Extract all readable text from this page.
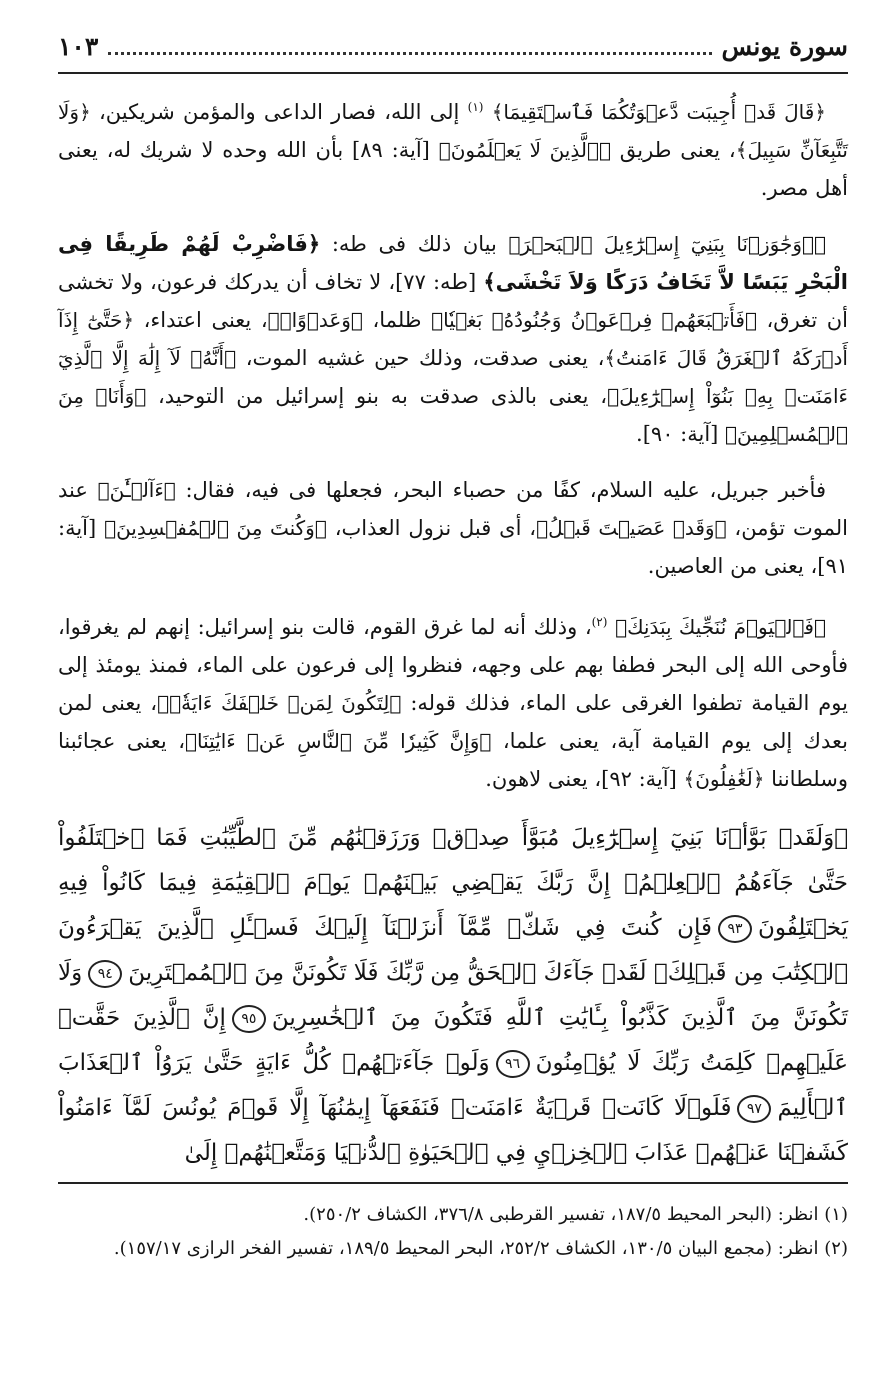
سورة يونس
١٠٣

﴿قَالَ قَدۡ أُجِيبَت دَّعۡوَتُكُمَا فَٱسۡتَقِيمَا﴾ $^{(١)}$ إلى الله، فصار الداعى والمؤمن شريكين، ﴿وَلَا تَتَّبِعَآنِّ سَبِيلَ﴾، يعنى طريق ﴿ٱلَّذِينَ لَا يَعۡلَمُونَ﴾ [آية: ٨٩] بأن الله وحده لا شريك له، يعنى أهل مصر.

﴿۞وَجَٰوَزۡنَا بِبَنِيٓ إِسۡرَٰٓءِيلَ ٱلۡبَحۡرَ﴾ بيان ذلك فى طه: ﴿فَاضْرِبْ لَهُمْ طَرِيقًا فِى الْبَحْرِ يَبَسًا لاَّ تَخَافُ دَرَكًا وَلاَ تَخْشَى﴾ [طه: ٧٧]، لا تخاف أن يدركك فرعون، ولا تخشى أن تغرق، ﴿فَأَتۡبَعَهُمۡ فِرۡعَوۡنُ وَجُنُودُهُۥ بَغۡيٗا﴾ ظلما، ﴿وَعَدۡوًاۖ﴾، يعنى اعتداء، ﴿حَتَّىٰٓ إِذَآ أَدۡرَكَهُ ٱلۡغَرَقُ قَالَ ءَامَنتُ﴾، يعنى صدقت، وذلك حين غشيه الموت، ﴿أَنَّهُۥ لَآ إِلَٰهَ إِلَّا ٱلَّذِيٓ ءَامَنَتۡ بِهِۦ بَنُوٓاْ إِسۡرَٰٓءِيلَ﴾، يعنى بالذى صدقت به بنو إسرائيل من التوحيد، ﴿وَأَنَا۠ مِنَ ٱلۡمُسۡلِمِينَ﴾ [آية: ٩٠].

فأخبر جبريل، عليه السلام، كفًا من حصباء البحر، فجعلها فى فيه، فقال: ﴿ءَآلۡـَٰٔنَ﴾ عند الموت تؤمن، ﴿وَقَدۡ عَصَيۡتَ قَبۡلُ﴾، أى قبل نزول العذاب، ﴿وَكُنتَ مِنَ ٱلۡمُفۡسِدِينَ﴾ [آية: ٩١]، يعنى من العاصين.

﴿فَٱلۡيَوۡمَ نُنَجِّيكَ بِبَدَنِكَ﴾ $^{(٢)}$، وذلك أنه لما غرق القوم، قالت بنو إسرائيل: إنهم لم يغرقوا، فأوحى الله إلى البحر فطفا بهم على وجهه، فنظروا إلى فرعون على الماء، فمنذ يومئذ إلى يوم القيامة تطفوا الغرقى على الماء، فذلك قوله: ﴿لِتَكُونَ لِمَنۡ خَلۡفَكَ ءَايَةٗۚ﴾، يعنى لمن بعدك إلى يوم القيامة آية، يعنى علما، ﴿وَإِنَّ كَثِيرٗا مِّنَ ٱلنَّاسِ عَنۡ ءَايَٰتِنَا﴾، يعنى عجائبنا وسلطاننا ﴿لَغَٰفِلُونَ﴾ [آية: ٩٢]، يعنى لاهون.

﴿وَلَقَدۡ بَوَّأۡنَا بَنِيٓ إِسۡرَٰٓءِيلَ مُبَوَّأَ صِدۡقٖ وَرَزَقۡنَٰهُم مِّنَ ٱلطَّيِّبَٰتِ فَمَا ٱخۡتَلَفُواْ حَتَّىٰ جَآءَهُمُ ٱلۡعِلۡمُۚ إِنَّ رَبَّكَ يَقۡضِي بَيۡنَهُمۡ يَوۡمَ ٱلۡقِيَٰمَةِ فِيمَا كَانُواْ فِيهِ يَخۡتَلِفُونَ٩٣فَإِن كُنتَ فِي شَكّٖ مِّمَّآ أَنزَلۡنَآ إِلَيۡكَ فَسۡـَٔلِ ٱلَّذِينَ يَقۡرَءُونَ ٱلۡكِتَٰبَ مِن قَبۡلِكَۚ لَقَدۡ جَآءَكَ ٱلۡحَقُّ مِن رَّبِّكَ فَلَا تَكُونَنَّ مِنَ ٱلۡمُمۡتَرِينَ٩٤وَلَا تَكُونَنَّ مِنَ ٱلَّذِينَ كَذَّبُواْ بِـَٔايَٰتِ ٱللَّهِ فَتَكُونَ مِنَ ٱلۡخَٰسِرِينَ٩٥إِنَّ ٱلَّذِينَ حَقَّتۡ عَلَيۡهِمۡ كَلِمَتُ رَبِّكَ لَا يُؤۡمِنُونَ٩٦وَلَوۡ جَآءَتۡهُمۡ كُلُّ ءَايَةٍ حَتَّىٰ يَرَوُاْ ٱلۡعَذَابَ ٱلۡأَلِيمَ٩٧فَلَوۡلَا كَانَتۡ قَرۡيَةٌ ءَامَنَتۡ فَنَفَعَهَآ إِيمَٰنُهَآ إِلَّا قَوۡمَ يُونُسَ لَمَّآ ءَامَنُواْ كَشَفۡنَا عَنۡهُمۡ عَذَابَ ٱلۡخِزۡيِ فِي ٱلۡحَيَوٰةِ ٱلدُّنۡيَا وَمَتَّعۡنَٰهُمۡ إِلَىٰ

(١) انظر: (البحر المحيط ١٨٧/٥، تفسير القرطبى ٣٧٦/٨، الكشاف ٢٥٠/٢).

(٢) انظر: (مجمع البيان ١٣٠/٥، الكشاف ٢٥٢/٢، البحر المحيط ١٨٩/٥، تفسير الفخر الرازى ١٥٧/١٧).
